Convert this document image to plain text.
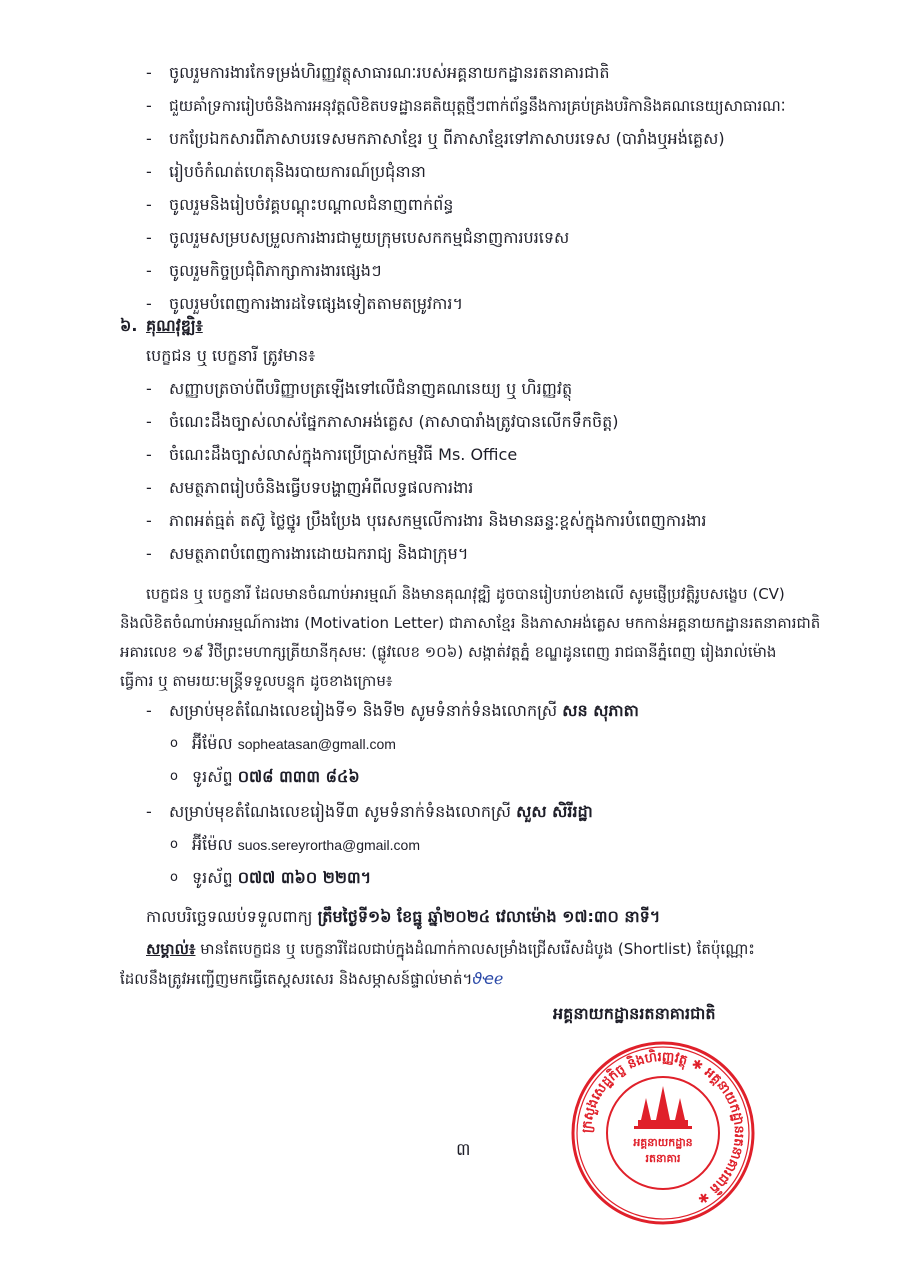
- ចូលរួមការងារកែទម្រង់ហិរញ្ញវត្ថុសាធារណៈរបស់អគ្គនាយកដ្ឋានរតនាគារជាតិ
- ជួយគាំទ្រការរៀបចំនិងការអនុវត្តលិខិតបទដ្ឋានគតិយុត្តថ្មីៗពាក់ព័ន្ធនឹងការគ្រប់គ្រងបរិកានិងគណនេយ្យសាធារណៈ
- បកប្រែឯកសារពីភាសាបរទេសមកភាសាខ្មែរ ឬ ពីភាសាខ្មែរទៅភាសាបរទេស (បារាំងឬអង់គ្លេស)
- រៀបចំកំណត់ហេតុនិងរបាយការណ៍ប្រជុំនានា
- ចូលរួមនិងរៀបចំវគ្គបណ្តុះបណ្តាលជំនាញពាក់ព័ន្ធ
- ចូលរួមសម្របសម្រួលការងារជាមួយក្រុមបេសកកម្មជំនាញការបរទេស
- ចូលរួមកិច្ចប្រជុំពិភាក្សាការងារផ្សេងៗ
- ចូលរួមបំពេញការងារដទៃផ្សេងទៀតតាមតម្រូវការ។
៦. គុណវុឌ្ឍិ៖
បេក្ខជន ឬ បេក្ខនារី ត្រូវមាន៖
- សញ្ញាបត្រចាប់ពីបរិញ្ញាបត្រឡើងទៅលើជំនាញគណនេយ្យ ឬ ហិរញ្ញវត្ថុ
- ចំណេះដឹងច្បាស់លាស់ផ្នែកភាសាអង់គ្លេស (ភាសាបារាំងត្រូវបានលើកទឹកចិត្ត)
- ចំណេះដឹងច្បាស់លាស់ក្នុងការប្រើប្រាស់កម្មវិធី Ms. Office
- សមត្ថភាពរៀបចំនិងធ្វើបទបង្ហាញអំពីលទ្ធផលការងារ
- ភាពអត់ធ្មត់ តស៊ូ ថ្លៃថ្នូរ ប្រឹងប្រែង បុរេសកម្មលើការងារ និងមានឆន្ទៈខ្ពស់ក្នុងការបំពេញការងារ
- សមត្ថភាពបំពេញការងារដោយឯករាជ្យ និងជាក្រុម។
បេក្ខជន ឬ បេក្ខនារី ដែលមានចំណាប់អារម្មណ៍ និងមានគុណវុឌ្ឍិ ដូចបានរៀបរាប់ខាងលើ សូមផ្ញើប្រវត្តិរូបសង្ខេប (CV)
និងលិខិតចំណាប់អារម្មណ៍ការងារ (Motivation Letter) ជាភាសាខ្មែរ និងភាសាអង់គ្លេស មកកាន់អគ្គនាយកដ្ឋានរតនាគារជាតិ
អគារលេខ ១៩ វិថីព្រះមហាក្សត្រីយានីកុសមៈ (ផ្លូវលេខ ១០៦) សង្កាត់វត្តភ្នំ ខណ្ឌដូនពេញ រាជធានីភ្នំពេញ រៀងរាល់ម៉ោង
ធ្វើការ ឬ តាមរយៈមន្ត្រីទទួលបន្ទុក ដូចខាងក្រោម៖
- សម្រាប់មុខតំណែងលេខរៀងទី១ និងទី២ សូមទំនាក់ទំនងលោកស្រី សន សុភាតា
o អ៊ីម៉ែល sopheatasan@gmall.com
o ទូរស័ព្ទ ០៧៨ ៣៣៣ ៨៤៦
- សម្រាប់មុខតំណែងលេខរៀងទី៣ សូមទំនាក់ទំនងលោកស្រី សួស សិរីរដ្ឋា
o អ៊ីម៉ែល suos.sereyrortha@gmail.com
o ទូរស័ព្ទ ០៧៧ ៣៦០ ២២៣។
កាលបរិច្ឆេទឈប់ទទួលពាក្យ ត្រឹមថ្ងៃទី១៦ ខែធ្នូ ឆ្នាំ២០២៤ វេលាម៉ោង ១៧:៣០ នាទី។
សម្គាល់៖ មានតែបេក្ខជន ឬ បេក្ខនារីដែលជាប់ក្នុងដំណាក់កាលសម្រាំងជ្រើសរើសដំបូង (Shortlist) តែប៉ុណ្ណោះ
ដែលនឹងត្រូវអញ្ជើញមកធ្វើតេស្តសរសេរ និងសម្ភាសន៍ផ្ទាល់មាត់។ϑҽℯ
អគ្គនាយកដ្ឋានរតនាគារជាតិ
ក្រសួងសេដ្ឋកិច្ច និងហិរញ្ញវត្ថុ ✱ អគ្គនាយកដ្ឋានរតនាគារជាតិ ✱
អគ្គនាយកដ្ឋាន
រតនាគារ
៣
